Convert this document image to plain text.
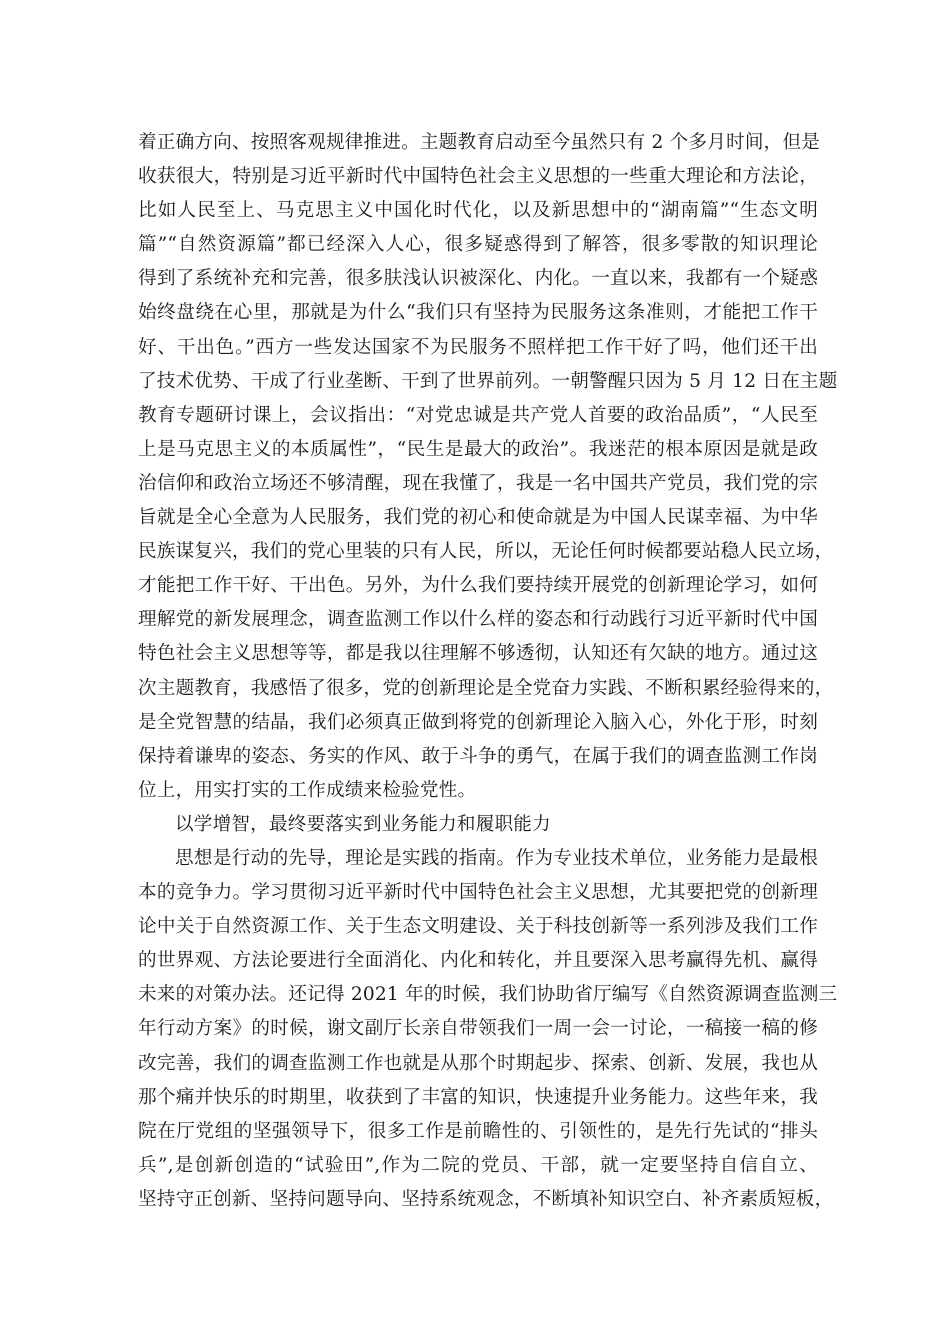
着正确方向、按照客观规律推进。主题教育启动至今虽然只有 2 个多月时间，但是
收获很大，特别是习近平新时代中国特色社会主义思想的一些重大理论和方法论，
比如人民至上、马克思主义中国化时代化，以及新思想中的“湖南篇”“生态文明
篇”“自然资源篇”都已经深入人心，很多疑惑得到了解答，很多零散的知识理论
得到了系统补充和完善，很多肤浅认识被深化、内化。一直以来，我都有一个疑惑
始终盘绕在心里，那就是为什么“我们只有坚持为民服务这条准则，才能把工作干
好、干出色。”西方一些发达国家不为民服务不照样把工作干好了吗，他们还干出
了技术优势、干成了行业垄断、干到了世界前列。一朝警醒只因为 5 月 12 日在主题
教育专题研讨课上，会议指出：“对党忠诚是共产党人首要的政治品质”，“人民至
上是马克思主义的本质属性”，“民生是最大的政治”。我迷茫的根本原因是就是政
治信仰和政治立场还不够清醒，现在我懂了，我是一名中国共产党员，我们党的宗
旨就是全心全意为人民服务，我们党的初心和使命就是为中国人民谋幸福、为中华
民族谋复兴，我们的党心里装的只有人民，所以，无论任何时候都要站稳人民立场，
才能把工作干好、干出色。另外，为什么我们要持续开展党的创新理论学习，如何
理解党的新发展理念，调查监测工作以什么样的姿态和行动践行习近平新时代中国
特色社会主义思想等等，都是我以往理解不够透彻，认知还有欠缺的地方。通过这
次主题教育，我感悟了很多，党的创新理论是全党奋力实践、不断积累经验得来的，
是全党智慧的结晶，我们必须真正做到将党的创新理论入脑入心，外化于形，时刻
保持着谦卑的姿态、务实的作风、敢于斗争的勇气，在属于我们的调查监测工作岗
位上，用实打实的工作成绩来检验党性。
以学增智，最终要落实到业务能力和履职能力
思想是行动的先导，理论是实践的指南。作为专业技术单位，业务能力是最根
本的竞争力。学习贯彻习近平新时代中国特色社会主义思想，尤其要把党的创新理
论中关于自然资源工作、关于生态文明建设、关于科技创新等一系列涉及我们工作
的世界观、方法论要进行全面消化、内化和转化，并且要深入思考赢得先机、赢得
未来的对策办法。还记得 2021 年的时候，我们协助省厅编写《自然资源调查监测三
年行动方案》的时候，谢文副厅长亲自带领我们一周一会一讨论，一稿接一稿的修
改完善，我们的调查监测工作也就是从那个时期起步、探索、创新、发展，我也从
那个痛并快乐的时期里，收获到了丰富的知识，快速提升业务能力。这些年来，我
院在厅党组的坚强领导下，很多工作是前瞻性的、引领性的，是先行先试的“排头
兵”,是创新创造的“试验田”,作为二院的党员、干部，就一定要坚持自信自立、
坚持守正创新、坚持问题导向、坚持系统观念，不断填补知识空白、补齐素质短板，
